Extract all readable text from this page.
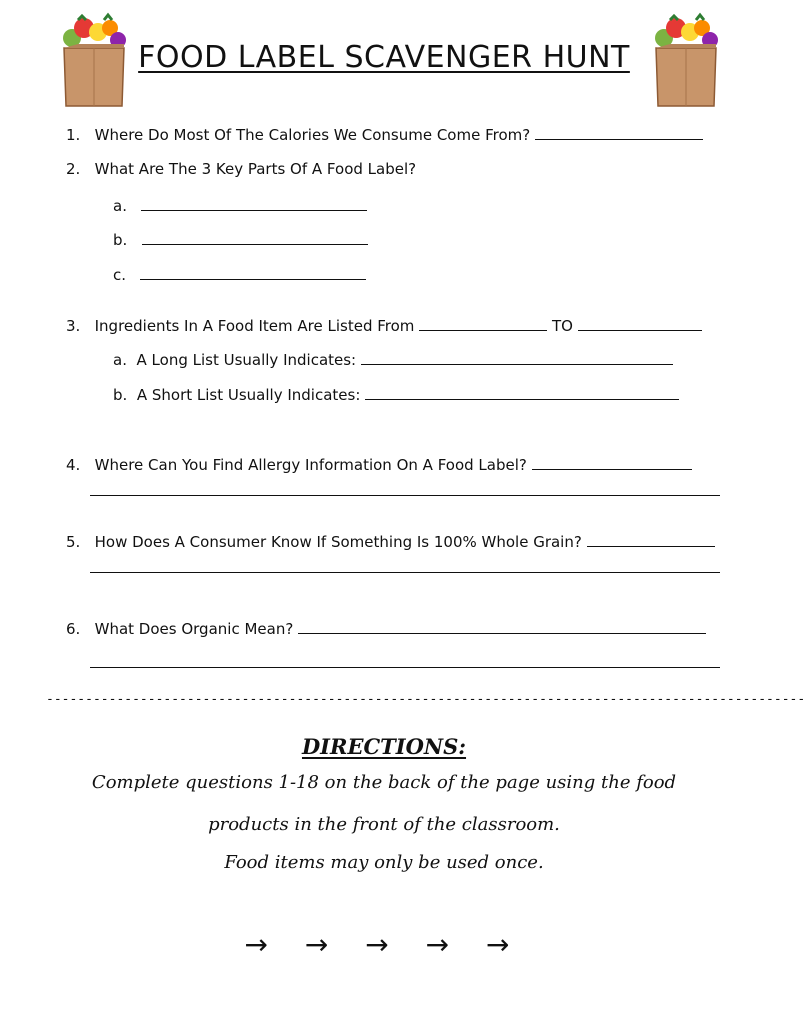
FOOD LABEL SCAVENGER HUNT
1. Where Do Most Of The Calories We Consume Come From?
2. What Are The 3 Key Parts Of A Food Label?
a.
b.
c.
3. Ingredients In A Food Item Are Listed From	TO
a. A Long List Usually Indicates:
b. A Short List Usually Indicates:
4. Where Can You Find Allergy Information On A Food Label?
5. How Does A Consumer Know If Something Is 100% Whole Grain?
6. What Does Organic Mean?
-------------------------------------------------------------------------------------------------
DIRECTIONS:
Complete questions 1-18 on the back of the page using the food
products in the front of the classroom.
Food items may only be used once.
→ → → → →
